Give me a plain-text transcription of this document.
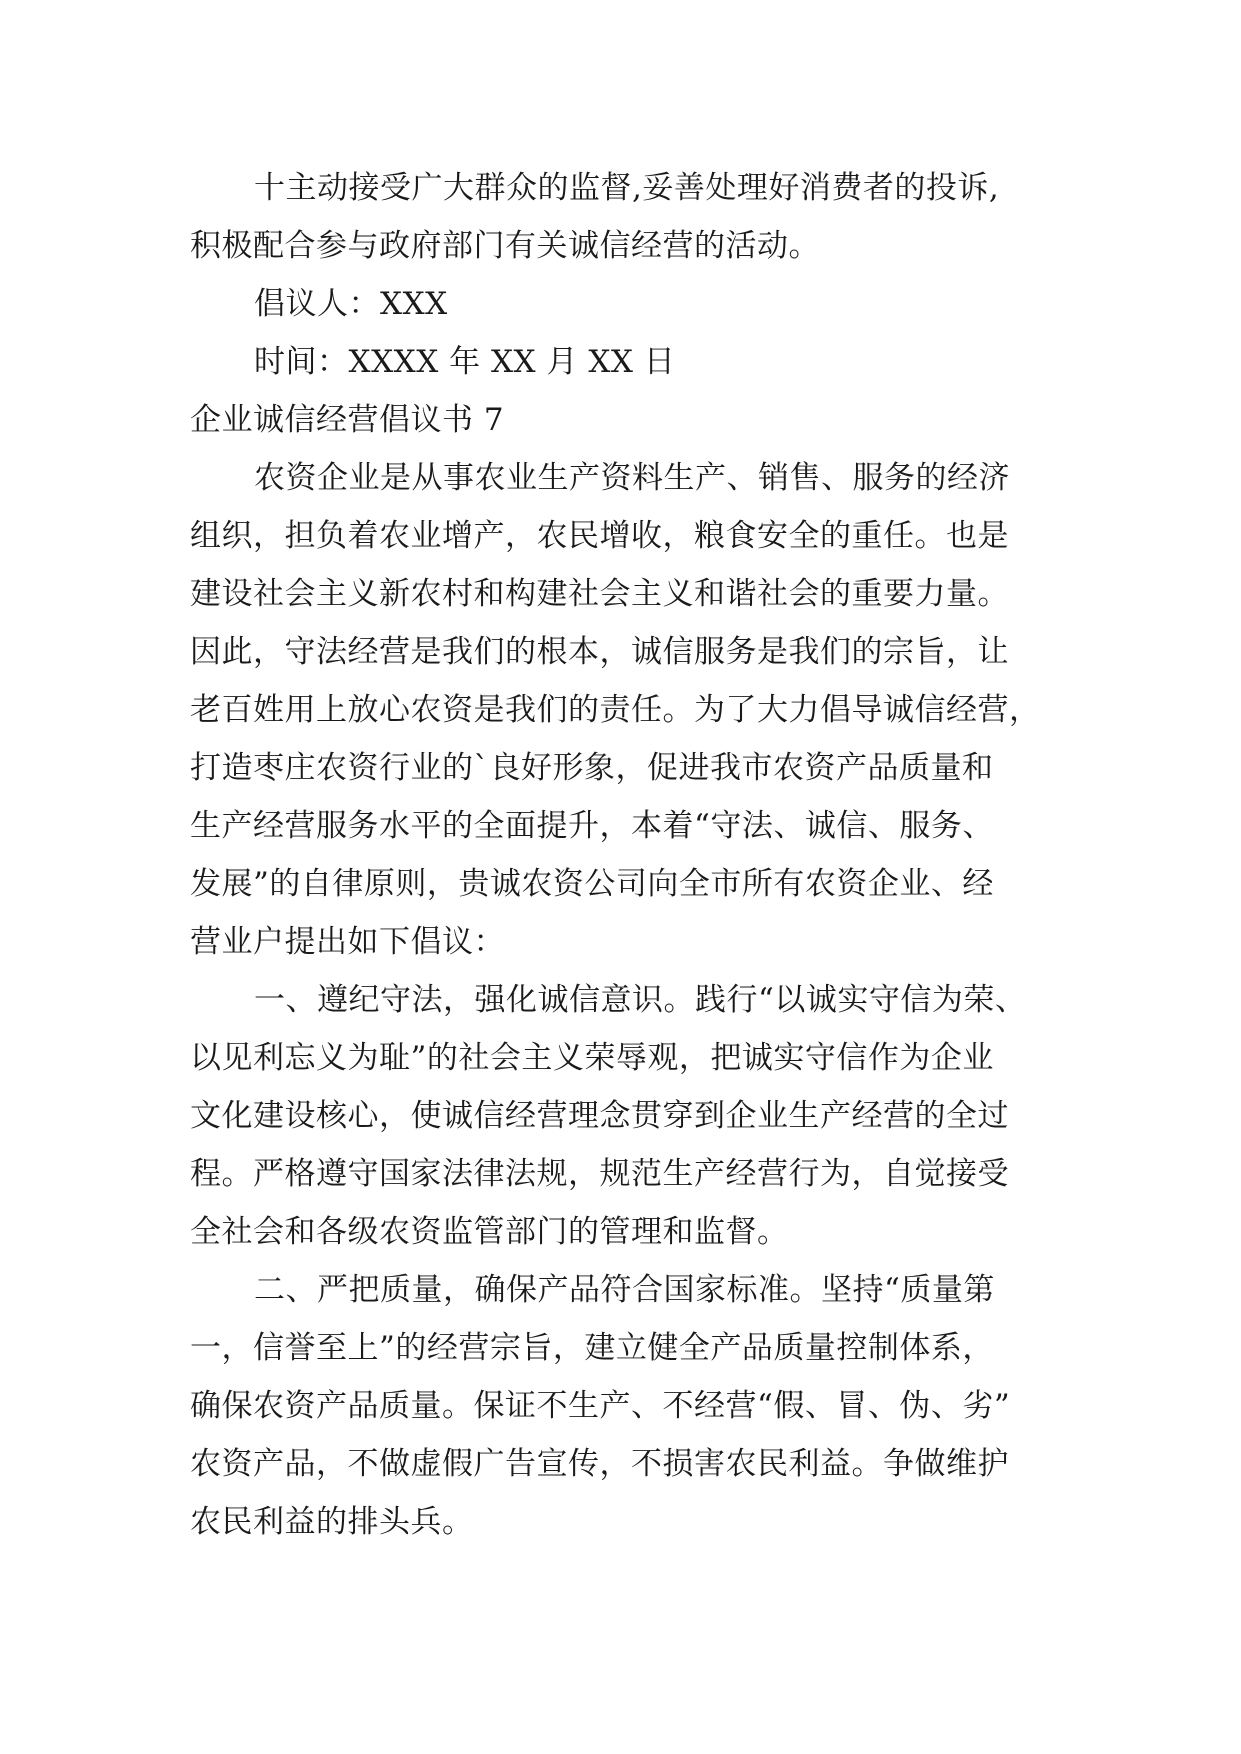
十主动接受广大群众的监督,妥善处理好消费者的投诉,
积极配合参与政府部门有关诚信经营的活动。
倡议人：XXX
时间：XXXX 年 XX 月 XX 日
企业诚信经营倡议书 7
农资企业是从事农业生产资料生产、销售、服务的经济
组织，担负着农业增产，农民增收，粮食安全的重任。也是
建设社会主义新农村和构建社会主义和谐社会的重要力量。
因此，守法经营是我们的根本，诚信服务是我们的宗旨，让
老百姓用上放心农资是我们的责任。为了大力倡导诚信经营，
打造枣庄农资行业的`良好形象，促进我市农资产品质量和
生产经营服务水平的全面提升，本着“守法、诚信、服务、
发展”的自律原则，贵诚农资公司向全市所有农资企业、经
营业户提出如下倡议：
一、遵纪守法，强化诚信意识。践行“以诚实守信为荣、
以见利忘义为耻”的社会主义荣辱观，把诚实守信作为企业
文化建设核心，使诚信经营理念贯穿到企业生产经营的全过
程。严格遵守国家法律法规，规范生产经营行为，自觉接受
全社会和各级农资监管部门的管理和监督。
二、严把质量，确保产品符合国家标准。坚持“质量第
一，信誉至上”的经营宗旨，建立健全产品质量控制体系，
确保农资产品质量。保证不生产、不经营“假、冒、伪、劣”
农资产品，不做虚假广告宣传，不损害农民利益。争做维护
农民利益的排头兵。
